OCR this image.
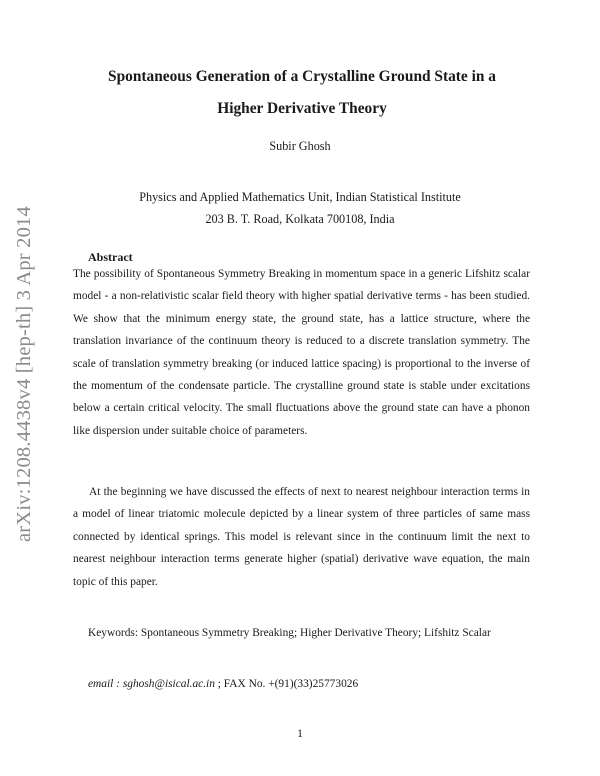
arXiv:1208.4438v4 [hep-th] 3 Apr 2014
Spontaneous Generation of a Crystalline Ground State in a
Higher Derivative Theory
Subir Ghosh
Physics and Applied Mathematics Unit, Indian Statistical Institute
203 B. T. Road, Kolkata 700108, India
Abstract

The possibility of Spontaneous Symmetry Breaking in momentum space in a generic Lifshitz scalar model - a non-relativistic scalar field theory with higher spatial derivative terms - has been studied. We show that the minimum energy state, the ground state, has a lattice structure, where the translation invariance of the continuum theory is reduced to a discrete translation symmetry. The scale of translation symmetry breaking (or induced lattice spacing) is proportional to the inverse of the momentum of the condensate particle. The crystalline ground state is stable under excitations below a certain critical velocity. The small fluctuations above the ground state can have a phonon like dispersion under suitable choice of parameters.

At the beginning we have discussed the effects of next to nearest neighbour interaction terms in a model of linear triatomic molecule depicted by a linear system of three particles of same mass connected by identical springs. This model is relevant since in the continuum limit the next to nearest neighbour interaction terms generate higher (spatial) derivative wave equation, the main topic of this paper.

Keywords: Spontaneous Symmetry Breaking; Higher Derivative Theory; Lifshitz Scalar
email : sghosh@isical.ac.in ; FAX No. +(91)(33)25773026
1
